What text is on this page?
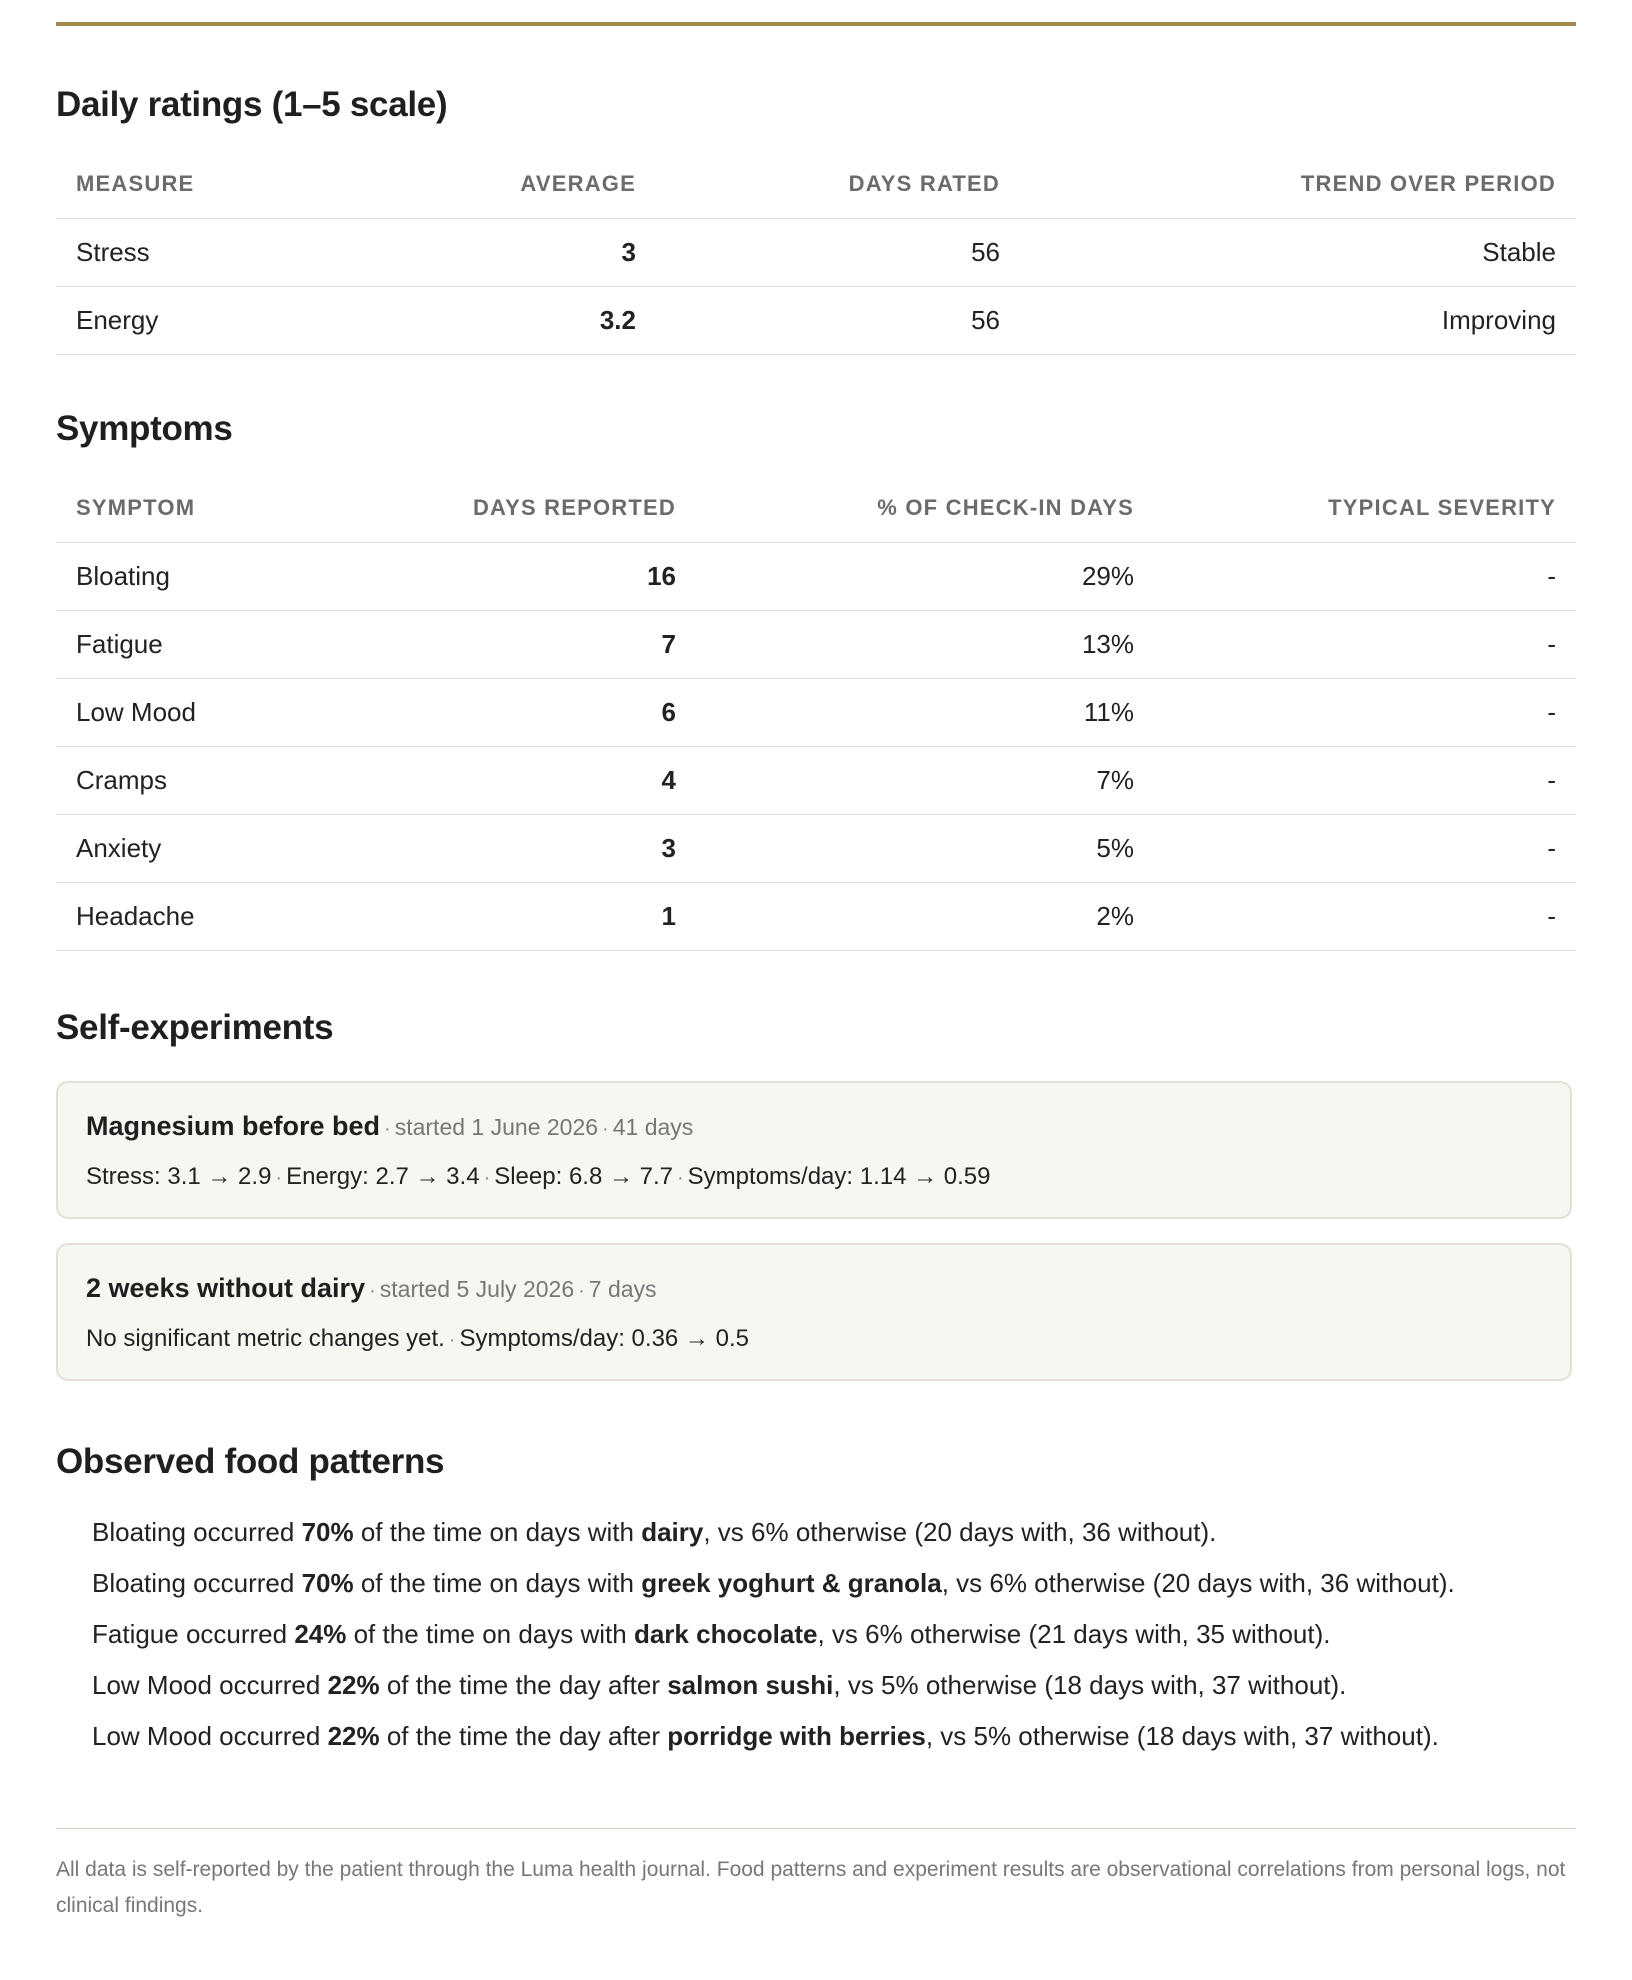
Daily ratings (1–5 scale)
MEASURE	AVERAGE	DAYS RATED	TREND OVER PERIOD
Stress	3	56	Stable
Energy	3.2	56	Improving
Symptoms
SYMPTOM	DAYS REPORTED	% OF CHECK-IN DAYS	TYPICAL SEVERITY
Bloating	16	29%	-
Fatigue	7	13%	-
Low Mood	6	11%	-
Cramps	4	7%	-
Anxiety	3	5%	-
Headache	1	2%	-
Self-experiments
Magnesium before bed · started 1 June 2026 · 41 days
Stress: 3.1 → 2.9 · Energy: 2.7 → 3.4 · Sleep: 6.8 → 7.7 · Symptoms/day: 1.14 → 0.59
2 weeks without dairy · started 5 July 2026 · 7 days
No significant metric changes yet. · Symptoms/day: 0.36 → 0.5
Observed food patterns
Bloating occurred 70% of the time on days with dairy, vs 6% otherwise (20 days with, 36 without).
Bloating occurred 70% of the time on days with greek yoghurt & granola, vs 6% otherwise (20 days with, 36 without).
Fatigue occurred 24% of the time on days with dark chocolate, vs 6% otherwise (21 days with, 35 without).
Low Mood occurred 22% of the time the day after salmon sushi, vs 5% otherwise (18 days with, 37 without).
Low Mood occurred 22% of the time the day after porridge with berries, vs 5% otherwise (18 days with, 37 without).

All data is self-reported by the patient through the Luma health journal. Food patterns and experiment results are observational correlations from personal logs, not clinical findings.
